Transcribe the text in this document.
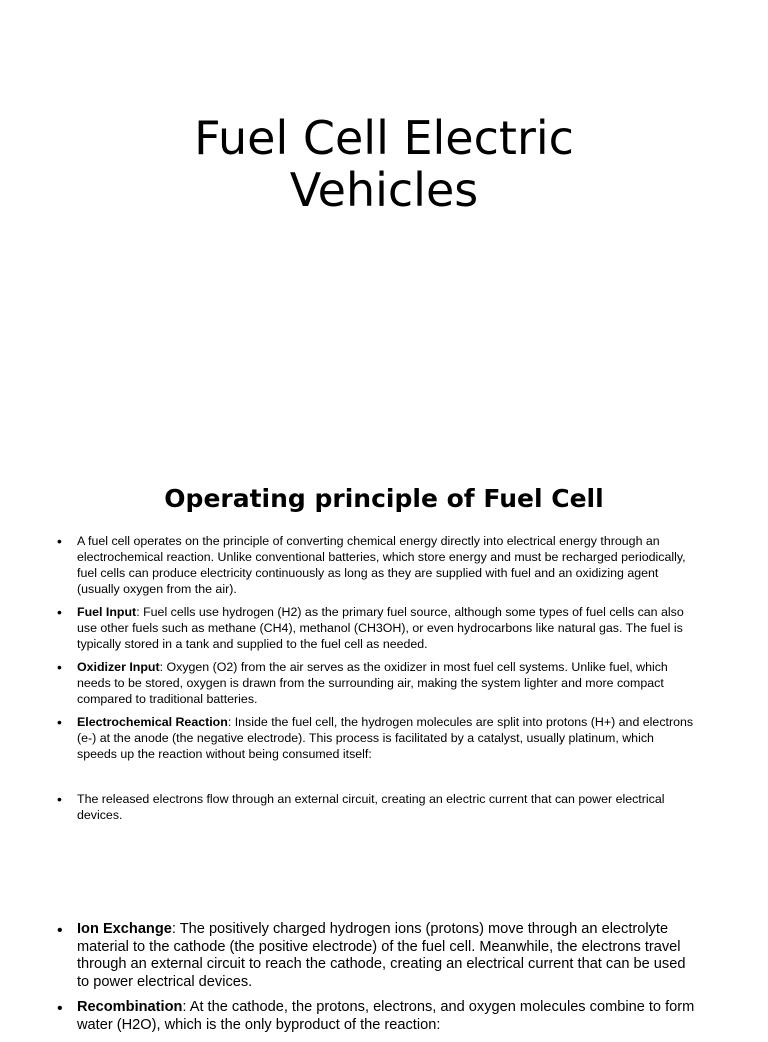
Fuel Cell Electric
Vehicles
Operating principle of Fuel Cell
• A fuel cell operates on the principle of converting chemical energy directly into electrical energy through an electrochemical reaction. Unlike conventional batteries, which store energy and must be recharged periodically, fuel cells can produce electricity continuously as long as they are supplied with fuel and an oxidizing agent (usually oxygen from the air).
• Fuel Input: Fuel cells use hydrogen (H2) as the primary fuel source, although some types of fuel cells can also use other fuels such as methane (CH4), methanol (CH3OH), or even hydrocarbons like natural gas. The fuel is typically stored in a tank and supplied to the fuel cell as needed.
• Oxidizer Input: Oxygen (O2) from the air serves as the oxidizer in most fuel cell systems. Unlike fuel, which needs to be stored, oxygen is drawn from the surrounding air, making the system lighter and more compact compared to traditional batteries.
• Electrochemical Reaction: Inside the fuel cell, the hydrogen molecules are split into protons (H+) and electrons (e-) at the anode (the negative electrode). This process is facilitated by a catalyst, usually platinum, which speeds up the reaction without being consumed itself:
• The released electrons flow through an external circuit, creating an electric current that can power electrical devices.
• Ion Exchange: The positively charged hydrogen ions (protons) move through an electrolyte material to the cathode (the positive electrode) of the fuel cell. Meanwhile, the electrons travel through an external circuit to reach the cathode, creating an electrical current that can be used to power electrical devices.
• Recombination: At the cathode, the protons, electrons, and oxygen molecules combine to form water (H2O), which is the only byproduct of the reaction:
